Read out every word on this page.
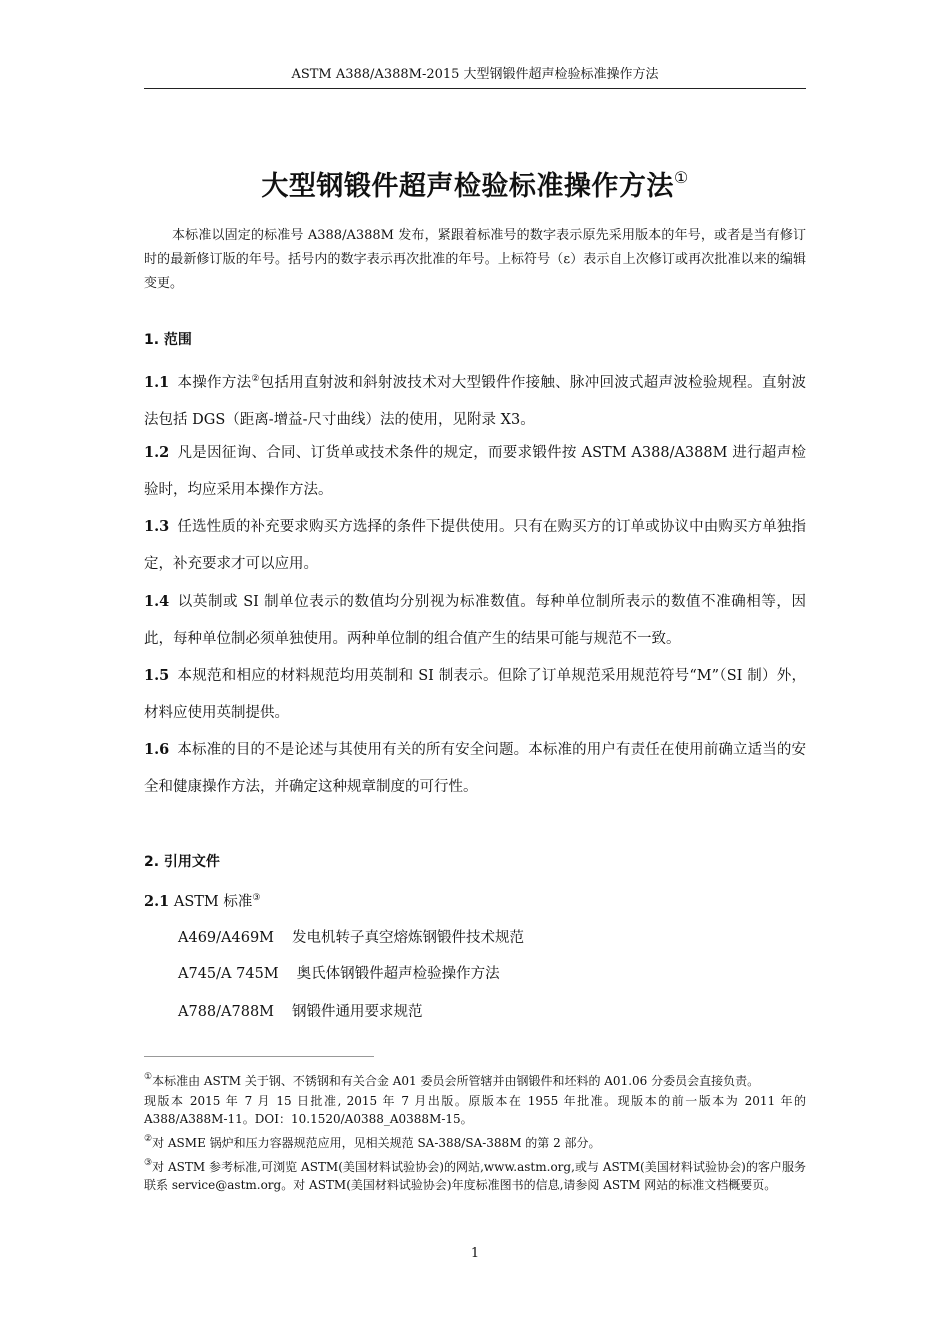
ASTM A388/A388M-2015 大型钢锻件超声检验标准操作方法
大型钢锻件超声检验标准操作方法①
本标准以固定的标准号 A388/A388M 发布，紧跟着标准号的数字表示原先采用版本的年号，或者是当有修订时的最新修订版的年号。括号内的数字表示再次批准的年号。上标符号（ε）表示自上次修订或再次批准以来的编辑变更。
1. 范围
1.1 本操作方法②包括用直射波和斜射波技术对大型锻件作接触、脉冲回波式超声波检验规程。直射波法包括 DGS（距离-增益-尺寸曲线）法的使用，见附录 X3。
1.2 凡是因征询、合同、订货单或技术条件的规定，而要求锻件按 ASTM A388/A388M 进行超声检验时，均应采用本操作方法。
1.3 任选性质的补充要求购买方选择的条件下提供使用。只有在购买方的订单或协议中由购买方单独指定，补充要求才可以应用。
1.4 以英制或 SI 制单位表示的数值均分别视为标准数值。每种单位制所表示的数值不准确相等，因此，每种单位制必须单独使用。两种单位制的组合值产生的结果可能与规范不一致。
1.5 本规范和相应的材料规范均用英制和 SI 制表示。但除了订单规范采用规范符号“M”（SI 制）外，材料应使用英制提供。
1.6 本标准的目的不是论述与其使用有关的所有安全问题。本标准的用户有责任在使用前确立适当的安全和健康操作方法，并确定这种规章制度的可行性。
2. 引用文件
2.1 ASTM 标准③
A469/A469M 发电机转子真空熔炼钢锻件技术规范
A745/A 745M 奥氏体钢锻件超声检验操作方法
A788/A788M 钢锻件通用要求规范

①本标准由 ASTM 关于钢、不锈钢和有关合金 A01 委员会所管辖并由钢锻件和坯料的 A01.06 分委员会直接负责。

现版本 2015 年 7 月 15 日批准, 2015 年 7 月出版。原版本在 1955 年批准。现版本的前一版本为 2011 年的 A388/A388M-11。DOI：10.1520/A0388_A0388M-15。

②对 ASME 锅炉和压力容器规范应用，见相关规范 SA-388/SA-388M 的第 2 部分。

③对 ASTM 参考标准,可浏览 ASTM(美国材料试验协会)的网站,www.astm.org,或与 ASTM(美国材料试验协会)的客户服务联系 service@astm.org。对 ASTM(美国材料试验协会)年度标准图书的信息,请参阅 ASTM 网站的标准文档概要页。

1
